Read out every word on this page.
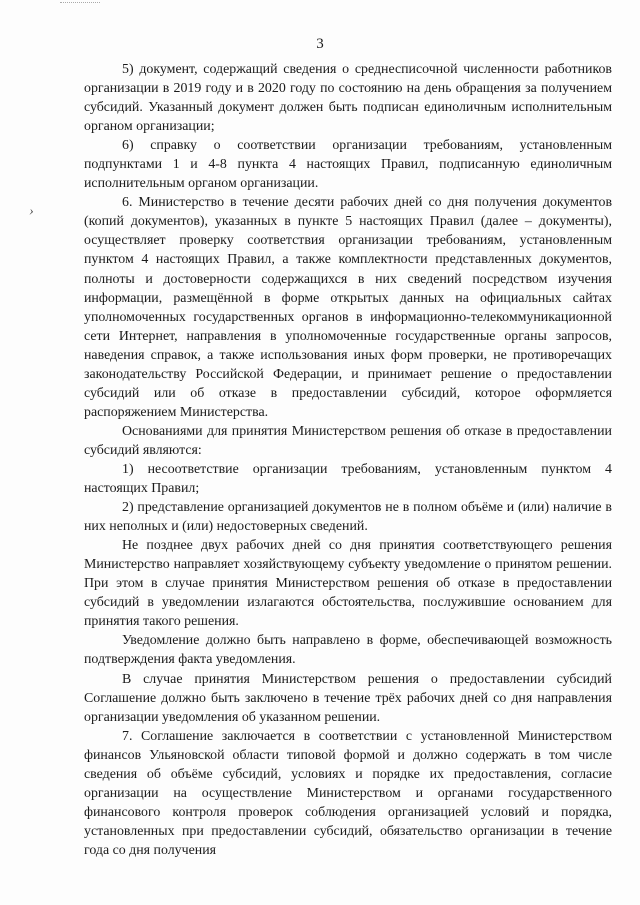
3
›

5) документ, содержащий сведения о среднесписочной численности работников организации в 2019 году и в 2020 году по состоянию на день обращения за получением субсидий. Указанный документ должен быть подписан единоличным исполнительным органом организации;

6) справку о соответствии организации требованиям, установленным подпунктами 1 и 4-8 пункта 4 настоящих Правил, подписанную единоличным исполнительным органом организации.

6. Министерство в течение десяти рабочих дней со дня получения документов (копий документов), указанных в пункте 5 настоящих Правил (далее – документы), осуществляет проверку соответствия организации требованиям, установленным пунктом 4 настоящих Правил, а также комплектности представленных документов, полноты и достоверности содержащихся в них сведений посредством изучения информации, размещённой в форме открытых данных на официальных сайтах уполномоченных государственных органов в информационно-телекоммуникационной сети Интернет, направления в уполномоченные государственные органы запросов, наведения справок, а также использования иных форм проверки, не противоречащих законодательству Российской Федерации, и принимает решение о предоставлении субсидий или об отказе в предоставлении субсидий, которое оформляется распоряжением Министерства.

Основаниями для принятия Министерством решения об отказе в предоставлении субсидий являются:

1) несоответствие организации требованиям, установленным пунктом 4 настоящих Правил;

2) представление организацией документов не в полном объёме и (или) наличие в них неполных и (или) недостоверных сведений.

Не позднее двух рабочих дней со дня принятия соответствующего решения Министерство направляет хозяйствующему субъекту уведомление о принятом решении. При этом в случае принятия Министерством решения об отказе в предоставлении субсидий в уведомлении излагаются обстоятельства, послужившие основанием для принятия такого решения.

Уведомление должно быть направлено в форме, обеспечивающей возможность подтверждения факта уведомления.

В случае принятия Министерством решения о предоставлении субсидий Соглашение должно быть заключено в течение трёх рабочих дней со дня направления организации уведомления об указанном решении.

7. Соглашение заключается в соответствии с установленной Министерством финансов Ульяновской области типовой формой и должно содержать в том числе сведения об объёме субсидий, условиях и порядке их предоставления, согласие организации на осуществление Министерством и органами государственного финансового контроля проверок соблюдения организацией условий и порядка, установленных при предоставлении субсидий, обязательство организации в течение года со дня получения
